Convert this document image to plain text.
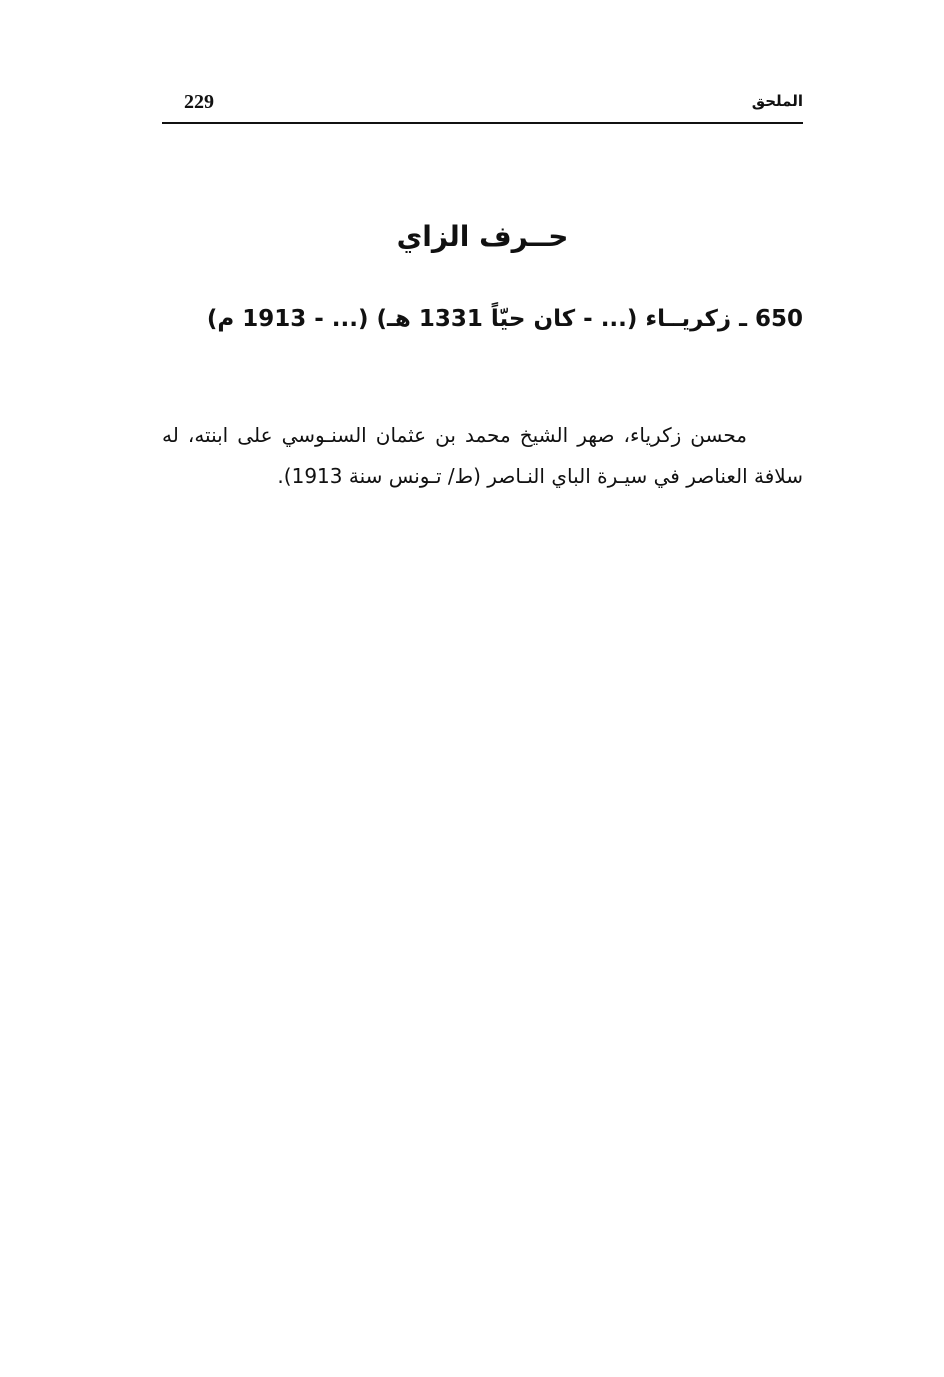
229	الملحق
حــرف الزاي
650 ـ زكريــاء (... - كان حيّاً 1331 هـ) (... - 1913 م)

محسن زكرياء، صهر الشيخ محمد بن عثمان السنـوسي على ابنته، له سلافة العناصر في سيـرة الباي النـاصر (ط/ تـونس سنة 1913).
